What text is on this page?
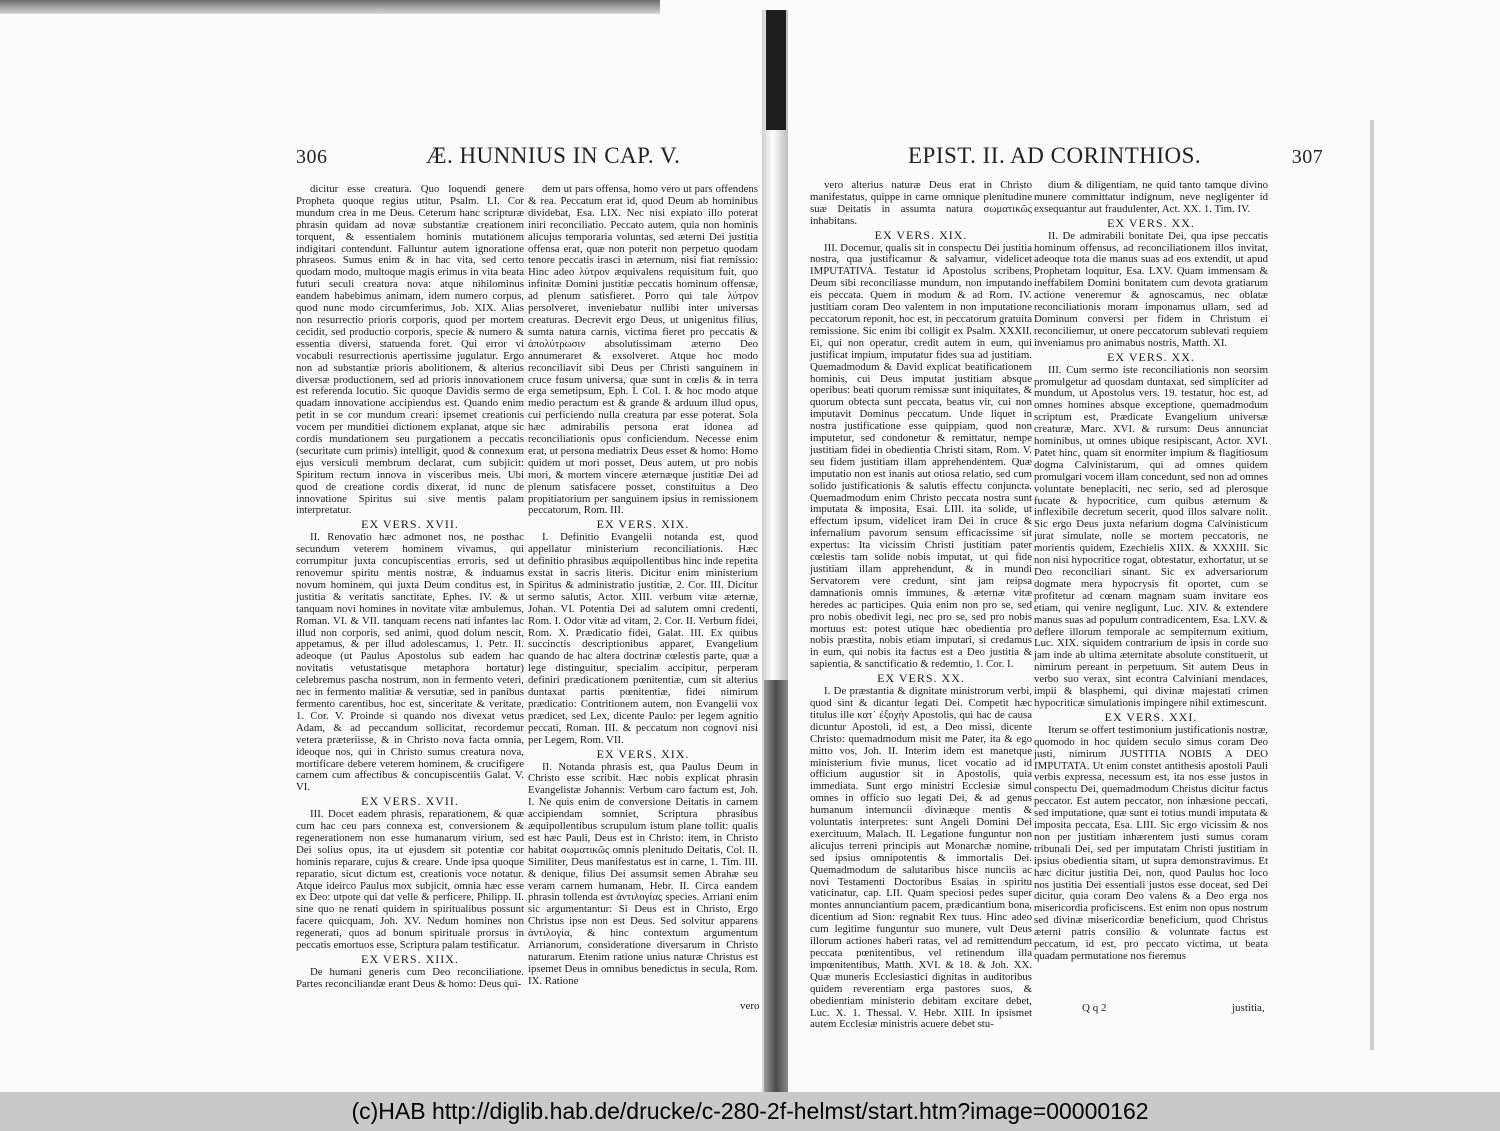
306	Æ. HUNNIUS IN CAP. V.	EPIST. II. AD CORINTHIOS.	307

dicitur esse creatura. Quo loquendi genere Propheta quoque regius utitur, Psalm. LI. Cor mundum crea in me Deus. Ceterum hanc scripturæ phrasin quidam ad novæ substantiæ creationem torquent, & essentialem hominis mutationem indigitari contendunt. Falluntur autem ignoratione phraseos. Sumus enim & in hac vita, sed certo quodam modo, multoque magis erimus in vita beata futuri seculi creatura nova: atque nihilominus eandem habebimus animam, idem numero corpus, quod nunc modo circumferimus, Job. XIX. Alias non resurrectio prioris corporis, quod per mortem cecidit, sed productio corporis, specie & numero & essentia diversi, statuenda foret. Qui error vi vocabuli resurrectionis apertissime jugulatur. Ergo non ad substantiæ prioris abolitionem, & alterius diversæ productionem, sed ad prioris innovationem est referenda locutio. Sic quoque Davidis sermo de quadam innovatione accipiendus est. Quando enim petit in se cor mundum creari: ipsemet creationis vocem per munditiei dictionem explanat, atque sic cordis mundationem seu purgationem a peccatis (securitate cum primis) intelligit, quod & connexum ejus versiculi membrum declarat, cum subjicit: Spiritum rectum innova in visceribus meis. Ubi quod de creatione cordis dixerat, id nunc de innovatione Spiritus sui sive mentis palam interpretatur.

EX VERS. XVII.

II. Renovatio hæc admonet nos, ne posthac secundum veterem hominem vivamus, qui corrumpitur juxta concupiscentias erroris, sed ut renovemur spiritu mentis nostræ, & induamus novum hominem, qui juxta Deum conditus est, in justitia & veritatis sanctitate, Ephes. IV. & ut tanquam novi homines in novitate vitæ ambulemus, Roman. VI. & VII. tanquam recens nati infantes lac illud non corporis, sed animi, quod dolum nescit, appetamus, & per illud adolescamus, 1. Petr. II. adeoque (ut Paulus Apostolus sub eadem hac novitatis vetustatisque metaphora hortatur) celebremus pascha nostrum, non in fermento veteri, nec in fermento malitiæ & versutiæ, sed in panibus fermento carentibus, hoc est, sinceritate & veritate, 1. Cor. V. Proinde si quando nos divexat vetus Adam, & ad peccandum sollicitat, recordemur vetera præteriisse, & in Christo nova facta omnia, ideoque nos, qui in Christo sumus creatura nova, mortificare debere veterem hominem, & crucifigere carnem cum affectibus & concupiscentiis Galat. V. VI.

EX VERS. XVII.

III. Docet eadem phrasis, reparationem, & quæ cum hac ceu pars connexa est, conversionem & regenerationem non esse humanarum virium, sed Dei solius opus, ita ut ejusdem sit potentiæ cor hominis reparare, cujus & creare. Unde ipsa quoque reparatio, sicut dictum est, creationis voce notatur. Atque ideirco Paulus mox subjicit, omnia hæc esse ex Deo: utpote qui dat velle & perficere, Philipp. II. sine quo ne renati quidem in spiritualibus possunt facere quicquam, Joh. XV. Nedum homines non regenerati, quos ad bonum spirituale prorsus in peccatis emortuos esse, Scriptura palam testificatur.

EX VERS. XIIX.

De humani generis cum Deo reconciliatione. Partes reconciliandæ erant Deus & homo: Deus qui-

dem ut pars offensa, homo vero ut pars offendens & rea. Peccatum erat id, quod Deum ab hominibus dividebat, Esa. LIX. Nec nisi expiato illo poterat iniri reconciliatio. Peccato autem, quia non hominis alicujus temporaria voluntas, sed æterni Dei justitia offensa erat, quæ non poterit non perpetuo quodam tenore peccatis irasci in æternum, nisi fiat remissio: Hinc adeo λύτρον æquivalens requisitum fuit, quo infinitæ Domini justitiæ peccatis hominum offensæ, ad plenum satisfieret. Porro qui tale λύτρον persolveret, inveniebatur nullibi inter universas creaturas. Decrevit ergo Deus, ut unigenitus filius, sumta natura carnis, victima fieret pro peccatis & ἀπολύτρωσιν absolutissimam æterno Deo annumeraret & exsolveret. Atque hoc modo reconciliavit sibi Deus per Christi sanguinem in cruce fusum universa, quæ sunt in cœlis & in terra erga semetipsum, Eph. I. Col. I. & hoc modo atque medio peractum est & grande & arduum illud opus, cui perficiendo nulla creatura par esse poterat. Sola hæc admirabilis persona erat idonea ad reconciliationis opus conficiendum. Necesse enim erat, ut persona mediatrix Deus esset & homo: Homo quidem ut mori posset, Deus autem, ut pro nobis mori, & mortem vincere æternæque justitiæ Dei ad plenum satisfacere posset, constituitus a Deo propitiatorium per sanguinem ipsius in remissionem peccatorum, Rom. III.

EX VERS. XIX.

I. Definitio Evangelii notanda est, quod appellatur ministerium reconciliationis. Hæc definitio phrasibus æquipollentibus hinc inde repetita exstat in sacris literis. Dicitur enim ministerium Spiritus & administratio justitiæ, 2. Cor. III. Dicitur sermo salutis, Actor. XIII. verbum vitæ æternæ, Johan. VI. Potentia Dei ad salutem omni credenti, Rom. I. Odor vitæ ad vitam, 2. Cor. II. Verbum fidei, Rom. X. Prædicatio fidei, Galat. III. Ex quibus succinctis descriptionibus apparet, Evangelium quando de hac altera doctrinæ cœlestis parte, quæ a lege distinguitur, specialim accipitur, perperam definiri prædicationem pœnitentiæ, cum sit alterius duntaxat partis pœnitentiæ, fidei nimirum prædicatio: Contritionem autem, non Evangelii vox prædicet, sed Lex, dicente Paulo: per legem agnitio peccati, Roman. III. & peccatum non cognovi nisi per Legem, Rom. VII.

EX VERS. XIX.

II. Notanda phrasis est, qua Paulus Deum in Christo esse scribit. Hæc nobis explicat phrasin Evangelistæ Johannis: Verbum caro factum est, Joh. I. Ne quis enim de conversione Deitatis in carnem accipiendam somniet, Scriptura phrasibus æquipollentibus scrupulum istum plane tollit: qualis est hæc Pauli, Deus est in Christo: item, in Christo habitat σωματικῶς omnis plenitudo Deitatis, Col. II. Similiter, Deus manifestatus est in carne, 1. Tim. III. & denique, filius Dei assumsit semen Abrahæ seu veram carnem humanam, Hebr. II. Circa eandem phrasin tollenda est ἀντιλογίας species. Arriani enim sic argumentantur: Si Deus est in Christo, Ergo Christus ipse non est Deus. Sed solvitur apparens ἀντιλογία, & hinc contextum argumentum Arrianorum, consideratione diversarum in Christo naturarum. Etenim ratione unius naturæ Christus est ipsemet Deus in omnibus benedictus in secula, Rom. IX. Ratione

vero

vero alterius naturæ Deus erat in Christo manifestatus, quippe in carne omnique plenitudine suæ Deitatis in assumta natura σωματικῶς inhabitans.

EX VERS. XIX.

III. Docemur, qualis sit in conspectu Dei justitia nostra, qua justificamur & salvamur, videlicet IMPUTATIVA. Testatur id Apostolus scribens, Deum sibi reconciliasse mundum, non imputando eis peccata. Quem in modum & ad Rom. IV. justitiam coram Deo valentem in non imputatione peccatorum reponit, hoc est, in peccatorum gratuita remissione. Sic enim ibi colligit ex Psalm. XXXII. Ei, qui non operatur, credit autem in eum, qui justificat impium, imputatur fides sua ad justitiam. Quemadmodum & David explicat beatificationem hominis, cui Deus imputat justitiam absque operibus: beati quorum remissæ sunt iniquitates, & quorum obtecta sunt peccata, beatus vir, cui non imputavit Dominus peccatum. Unde liquet in nostra justificatione esse quippiam, quod non imputetur, sed condonetur & remittatur, nempe justitiam fidei in obedientia Christi sitam, Rom. V. seu fidem justitiam illam apprehendentem. Quæ imputatio non est inanis aut otiosa relatio, sed cum solido justificationis & salutis effectu conjuncta. Quemadmodum enim Christo peccata nostra sunt imputata & imposita, Esai. LIII. ita solide, ut effectum ipsum, videlicet iram Dei in cruce & infernalium pavorum sensum efficacissime sit expertus: Ita vicissim Christi justitiam pater cœlestis tam solide nobis imputat, ut qui fide justitiam illam apprehendunt, & in mundi Servatorem vere credunt, sint jam reipsa damnationis omnis immunes, & æternæ vitæ heredes ac participes. Quia enim non pro se, sed pro nobis obedivit legi, nec pro se, sed pro nobis mortuus est: potest utique hæc obedientia pro nobis præstita, nobis etiam imputari, si credamus in eum, qui nobis ita factus est a Deo justitia & sapientia, & sanctificatio & redemtio, 1. Cor. I.

EX VERS. XX.

I. De præstantia & dignitate ministrorum verbi, quod sint & dicantur legati Dei. Competit hæc titulus ille κατ᾽ ἐξοχὴν Apostolis, qui hac de causa dicuntur Apostoli, id est, a Deo missi, dicente Christo: quemadmodum misit me Pater, ita & ego mitto vos, Joh. II. Interim idem est manetque ministerium fivie munus, licet vocatio ad id officium augustior sit in Apostolis, quia immediata. Sunt ergo ministri Ecclesiæ simul omnes in officio suo legati Dei, & ad genus humanum internuncii divinæque mentis & voluntatis interpretes: sunt Angeli Domini Dei exercituum, Malach. II. Legatione funguntur non alicujus terreni principis aut Monarchæ nomine, sed ipsius omnipotentis & immortalis Dei. Quemadmodum de salutaribus hisce nunciis ac novi Testamenti Doctoribus Esaias in spiritu vaticinatur, cap. LII. Quam speciosi pedes super montes annunciantium pacem, prædicantium bona, dicentium ad Sion: regnabit Rex tuus. Hinc adeo cum legitime funguntur suo munere, vult Deus illorum actiones haberi ratas, vel ad remittendum peccata pœnitentibus, vel retinendum illa impœnitentibus, Matth. XVI. & 18. & Joh. XX. Quæ muneris Ecclesiastici dignitas in auditoribus quidem reverentiam erga pastores suos, & obedientiam ministerio debitam excitare debet, Luc. X. 1. Thessal. V. Hebr. XIII. In ipsismet autem Ecclesiæ ministris acuere debet stu-

dium & diligentiam, ne quid tanto tamque divino munere committatur indignum, neve negligenter id exsequantur aut fraudulenter, Act. XX. 1. Tim. IV.

EX VERS. XX.

II. De admirabili bonitate Dei, qua ipse peccatis hominum offensus, ad reconciliationem illos invitat, adeoque tota die manus suas ad eos extendit, ut apud Prophetam loquitur, Esa. LXV. Quam immensam & ineffabilem Domini bonitatem cum devota gratiarum actione veneremur & agnoscamus, nec oblatæ reconciliationis moram imponamus ullam, sed ad Dominum conversi per fidem in Christum ei reconciliemur, ut onere peccatorum sublevati requiem inveniamus pro animabus nostris, Matth. XI.

EX VERS. XX.

III. Cum sermo iste reconciliationis non seorsim promulgetur ad quosdam duntaxat, sed simpliciter ad mundum, ut Apostolus vers. 19. testatur, hoc est, ad omnes homines absque exceptione, quemadmodum scriptum est, Prædicate Evangelium universæ creaturæ, Marc. XVI. & rursum: Deus annunciat hominibus, ut omnes ubique resipiscant, Actor. XVI. Patet hinc, quam sit enormiter impium & flagitiosum dogma Calvinistarum, qui ad omnes quidem promulgari vocem illam concedunt, sed non ad omnes voluntate beneplaciti, nec serio, sed ad plerosque fucate & hypocritice, cum quibus æternum & inflexibile decretum secerit, quod illos salvare nolit. Sic ergo Deus juxta nefarium dogma Calvinisticum jurat simulate, nolle se mortem peccatoris, ne morientis quidem, Ezechielis XIIX. & XXXIII. Sic non nisi hypocritice rogat, obtestatur, exhortatur, ut se Deo reconciliari sinant. Sic ex adversariorum dogmate mera hypocrysis fit oportet, cum se profitetur ad cœnam magnam suam invitare eos etiam, qui venire negligunt, Luc. XIV. & extendere manus suas ad populum contradicentem, Esa. LXV. & deflere illorum temporale ac sempiternum exitium, Luc. XIX. siquidem contrarium de ipsis in corde suo jam inde ab ultima æternitate absolute constituerit, ut nimirum pereant in perpetuum. Sit autem Deus in verbo suo verax, sint econtra Calviniani mendaces, impii & blasphemi, qui divinæ majestati crimen hypocriticæ simulationis impingere nihil extimescunt.

EX VERS. XXI.

Iterum se offert testimonium justificationis nostræ, quomodo in hoc quidem seculo simus coram Deo justi, nimirum JUSTITIA NOBIS A DEO IMPUTATA. Ut enim constet antithesis apostoli Pauli verbis expressa, necessum est, ita nos esse justos in conspectu Dei, quemadmodum Christus dicitur factus peccator. Est autem peccator, non inhæsione peccati, sed imputatione, quæ sunt ei totius mundi imputata & imposita peccata, Esa. LIII. Sic ergo vicissim & nos non per justitiam inhærentem justi sumus coram tribunali Dei, sed per imputatam Christi justitiam in ipsius obedientia sitam, ut supra demonstravimus. Et hæc dicitur justitia Dei, non, quod Paulus hoc loco nos justitia Dei essentiali justos esse doceat, sed Dei dicitur, quia coram Deo valens & a Deo erga nos misericordia proficiscens. Est enim non opus nostrum sed divinæ misericordiæ beneficium, quod Christus æterni patris consilio & voluntate factus est peccatum, id est, pro peccato victima, ut beata quadam permutatione nos fieremus

Q q 2	justitia,
(c)HAB http://diglib.hab.de/drucke/c-280-2f-helmst/start.htm?image=00000162
